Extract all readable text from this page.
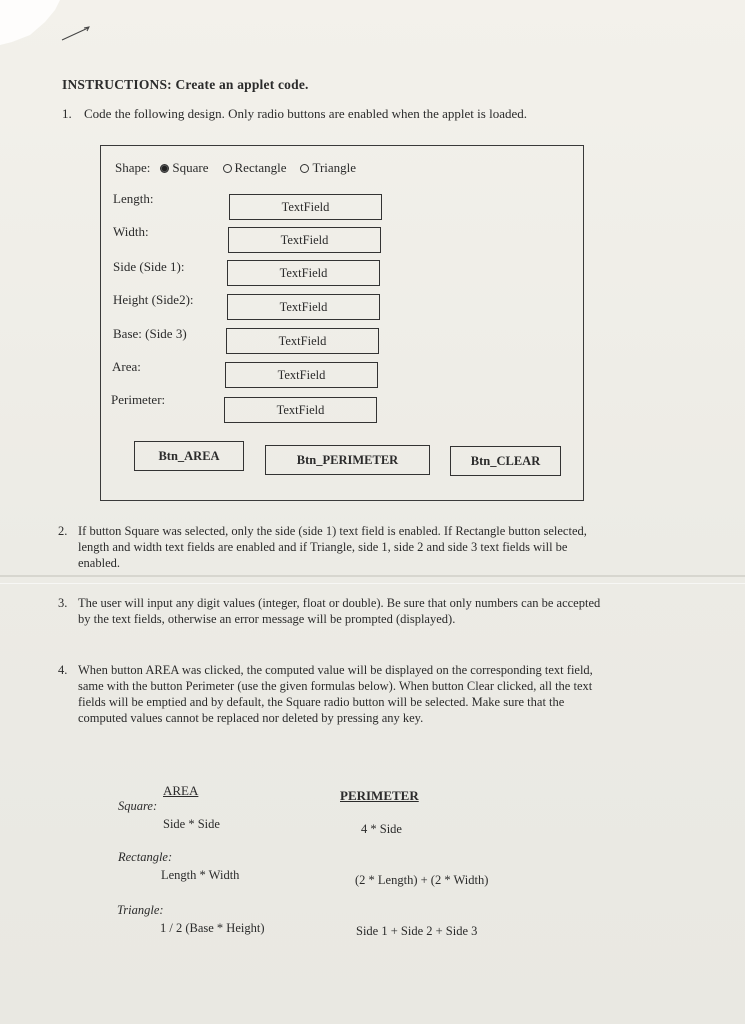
INSTRUCTIONS: Create an applet code.
1. Code the following design. Only radio buttons are enabled when the applet is loaded.
Shape: Square Rectangle Triangle
Length:
TextField
Width:
TextField
Side (Side 1):	TextField
Height (Side2):	TextField
Base: (Side 3)	TextField
Area:
TextField
Perimeter:
TextField
Btn_AREA	Btn_PERIMETER	Btn_CLEAR
2. If button Square was selected, only the side (side 1) text field is enabled. If Rectangle button selected, length and width text fields are enabled and if Triangle, side 1, side 2 and side 3 text fields will be enabled.
3. The user will input any digit values (integer, float or double). Be sure that only numbers can be accepted by the text fields, otherwise an error message will be prompted (displayed).
4. When button AREA was clicked, the computed value will be displayed on the corresponding text field, same with the button Perimeter (use the given formulas below). When button Clear clicked, all the text fields will be emptied and by default, the Square radio button will be selected. Make sure that the computed values cannot be replaced nor deleted by pressing any key.
AREA	PERIMETER
Square:
Side * Side	4 * Side
Rectangle:
Length * Width	(2 * Length) + (2 * Width)
Triangle:
1 / 2 (Base * Height)	Side 1 + Side 2 + Side 3
